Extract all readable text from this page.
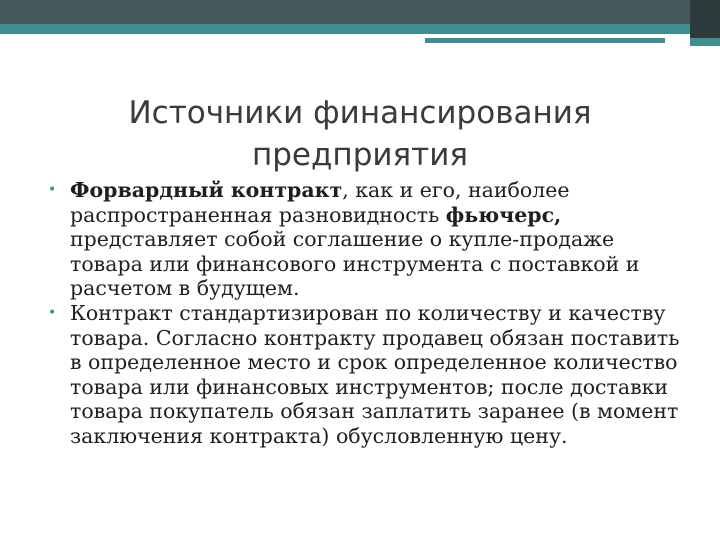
Источники финансирования
предприятия
• Форвардный контракт, как и его, наиболее распространенная разновидность фьючерс, представляет собой соглашение о купле-продаже товара или финансового инструмента с поставкой и расчетом в будущем.
• Контракт стандартизирован по количеству и качеству товара. Согласно контракту продавец обязан поставить в определенное место и срок определенное количество товара или финансовых инструментов; после доставки товара покупатель обязан заплатить заранее (в момент заключения контракта) обусловленную цену.
